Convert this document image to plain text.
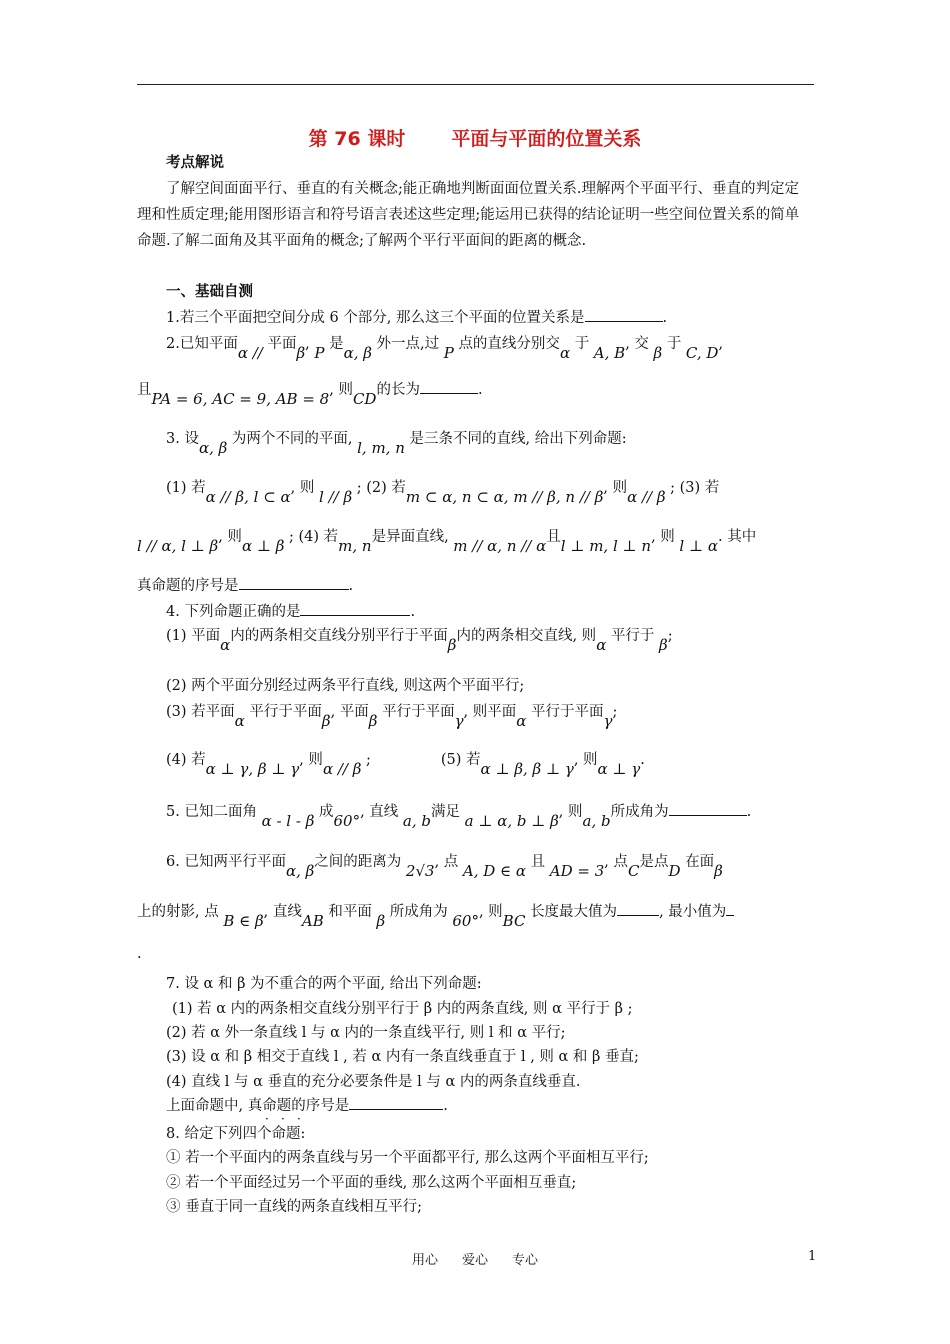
第 76 课时 平面与平面的位置关系
考点解说
了解空间面面平行、垂直的有关概念;能正确地判断面面位置关系.理解两个平面平行、垂直的判定定理和性质定理;能用图形语言和符号语言表述这些定理;能运用已获得的结论证明一些空间位置关系的简单命题.了解二面角及其平面角的概念;了解两个平行平面间的距离的概念.
一、基础自测
1.若三个平面把空间分成 6 个部分, 那么这三个平面的位置关系是	.
2.已知平面α // 平面β, P 是α, β 外一点,过 P 点的直线分别交α 于 A, B, 交 β 于 C, D,
且PA = 6, AC = 9, AB = 8, 则CD的长为	.
3. 设α, β 为两个不同的平面, l, m, n 是三条不同的直线, 给出下列命题:
(1) 若α // β, l ⊂ α, 则 l // β ; (2) 若m ⊂ α, n ⊂ α, m // β, n // β, 则α // β ; (3) 若
l // α, l ⊥ β, 则α ⊥ β ; (4) 若m, n是异面直线, m // α, n // α且l ⊥ m, l ⊥ n, 则 l ⊥ α. 其中
真命题的序号是	.
4. 下列命题正确的是	.
(1) 平面α内的两条相交直线分别平行于平面β内的两条相交直线, 则α 平行于 β;
(2) 两个平面分别经过两条平行直线, 则这两个平面平行;
(3) 若平面α 平行于平面β, 平面β 平行于平面γ, 则平面α 平行于平面γ;
(4) 若α ⊥ γ, β ⊥ γ, 则α // β ;	(5) 若α ⊥ β, β ⊥ γ, 则α ⊥ γ.
5. 已知二面角 α - l - β 成60°, 直线 a, b满足 a ⊥ α, b ⊥ β, 则a, b所成角为	.
6. 已知两平行平面α, β之间的距离为 2√3, 点 A, D ∈ α 且 AD = 3, 点C是点D 在面β
上的射影, 点 B ∈ β, 直线AB 和平面 β 所成角为 60°, 则BC 长度最大值为	, 最小值为
.
7. 设 α 和 β 为不重合的两个平面, 给出下列命题:
(1) 若 α 内的两条相交直线分别平行于 β 内的两条直线, 则 α 平行于 β ;
(2) 若 α 外一条直线 l 与 α 内的一条直线平行, 则 l 和 α 平行;
(3) 设 α 和 β 相交于直线 l , 若 α 内有一条直线垂直于 l , 则 α 和 β 垂直;
(4) 直线 l 与 α 垂直的充分必要条件是 l 与 α 内的两条直线垂直.
上面命题中, 真命题的序号是	.
· · ·
8. 给定下列四个命题:
① 若一个平面内的两条直线与另一个平面都平行, 那么这两个平面相互平行;
② 若一个平面经过另一个平面的垂线, 那么这两个平面相互垂直;
③ 垂直于同一直线的两条直线相互平行;
用心 爱心 专心	1
